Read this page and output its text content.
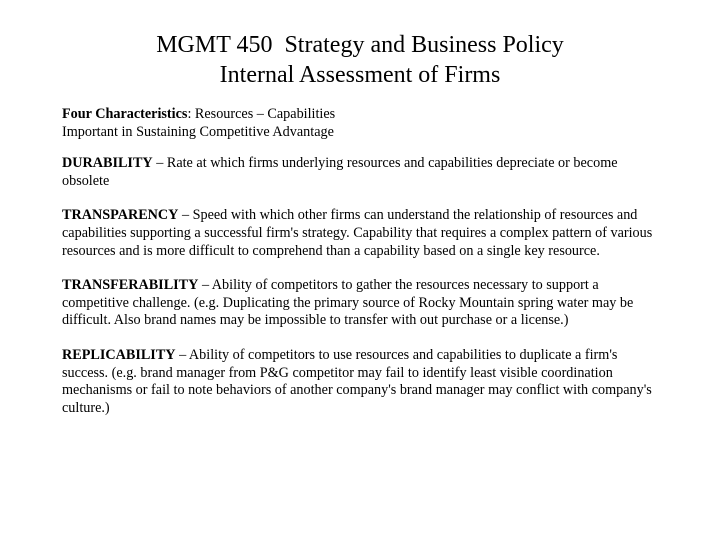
MGMT 450  Strategy and Business Policy
Internal Assessment of Firms

Four Characteristics: Resources – Capabilities

Important in Sustaining Competitive Advantage

DURABILITY – Rate at which firms underlying resources and capabilities depreciate or become obsolete
TRANSPARENCY – Speed with which other firms can understand the relationship of resources and capabilities supporting a successful firm's strategy. Capability that requires a complex pattern of various resources and is more difficult to comprehend than a capability based on a single key resource.
TRANSFERABILITY – Ability of competitors to gather the resources necessary to support a competitive challenge. (e.g. Duplicating the primary source of Rocky Mountain spring water may be difficult. Also brand names may be impossible to transfer with out purchase or a license.)
REPLICABILITY – Ability of competitors to use resources and capabilities to duplicate a firm's success. (e.g. brand manager from P&G competitor may fail to identify least visible coordination mechanisms or fail to note behaviors of another company's brand manager may conflict with company's culture.)
